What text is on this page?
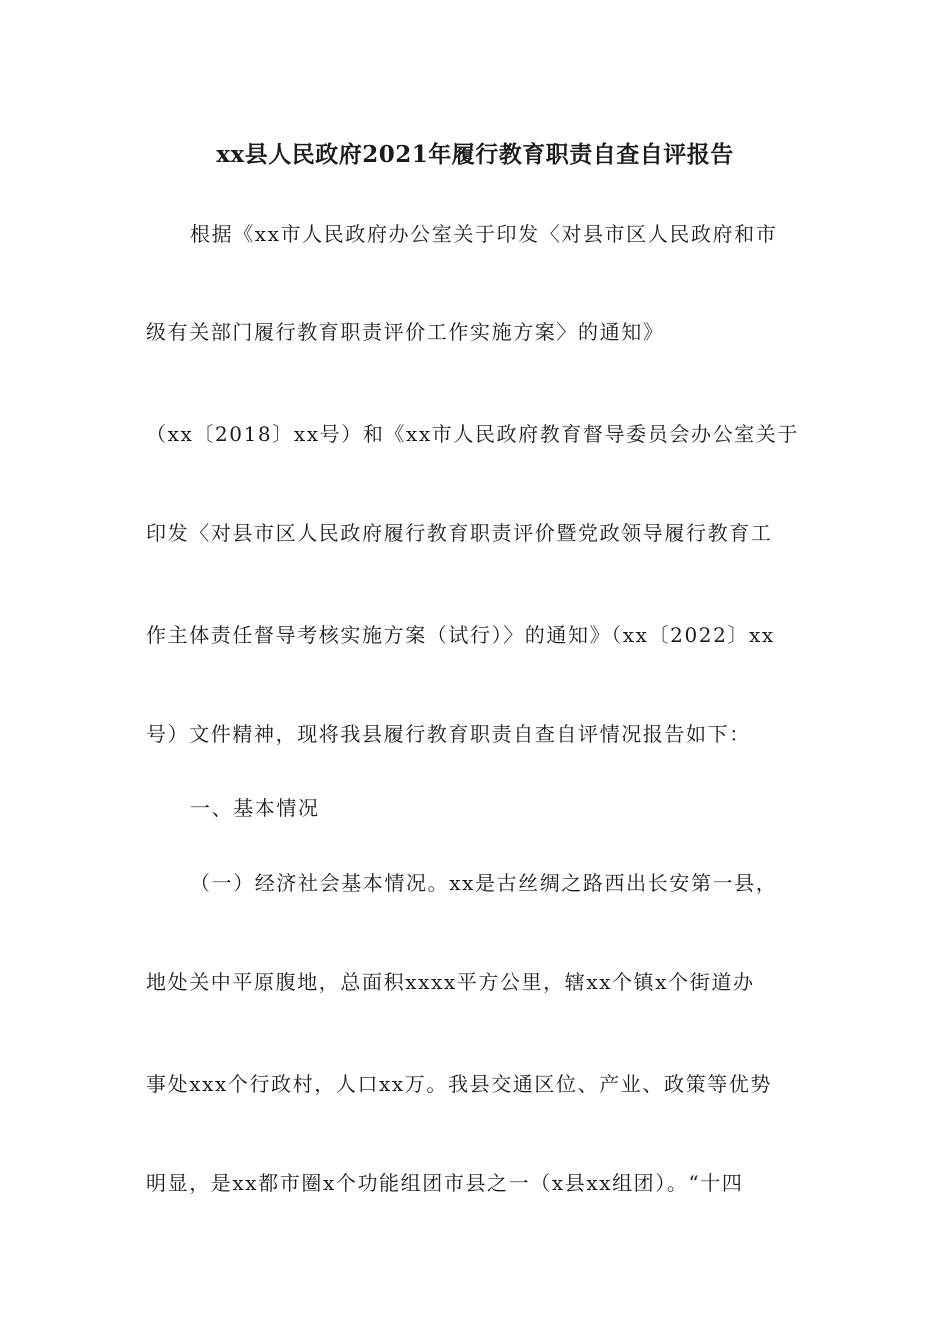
xx县人民政府2021年履行教育职责自查自评报告
根据《xx市人民政府办公室关于印发〈对县市区人民政府和市
级有关部门履行教育职责评价工作实施方案〉的通知》
（xx〔2018〕xx号）和《xx市人民政府教育督导委员会办公室关于
印发〈对县市区人民政府履行教育职责评价暨党政领导履行教育工
作主体责任督导考核实施方案（试行）〉的通知》（xx〔2022〕xx
号）文件精神，现将我县履行教育职责自查自评情况报告如下：
一、基本情况
（一）经济社会基本情况。xx是古丝绸之路西出长安第一县，
地处关中平原腹地，总面积xxxx平方公里，辖xx个镇x个街道办
事处xxx个行政村，人口xx万。我县交通区位、产业、政策等优势
明显，是xx都市圈x个功能组团市县之一（x县xx组团）。“十四
